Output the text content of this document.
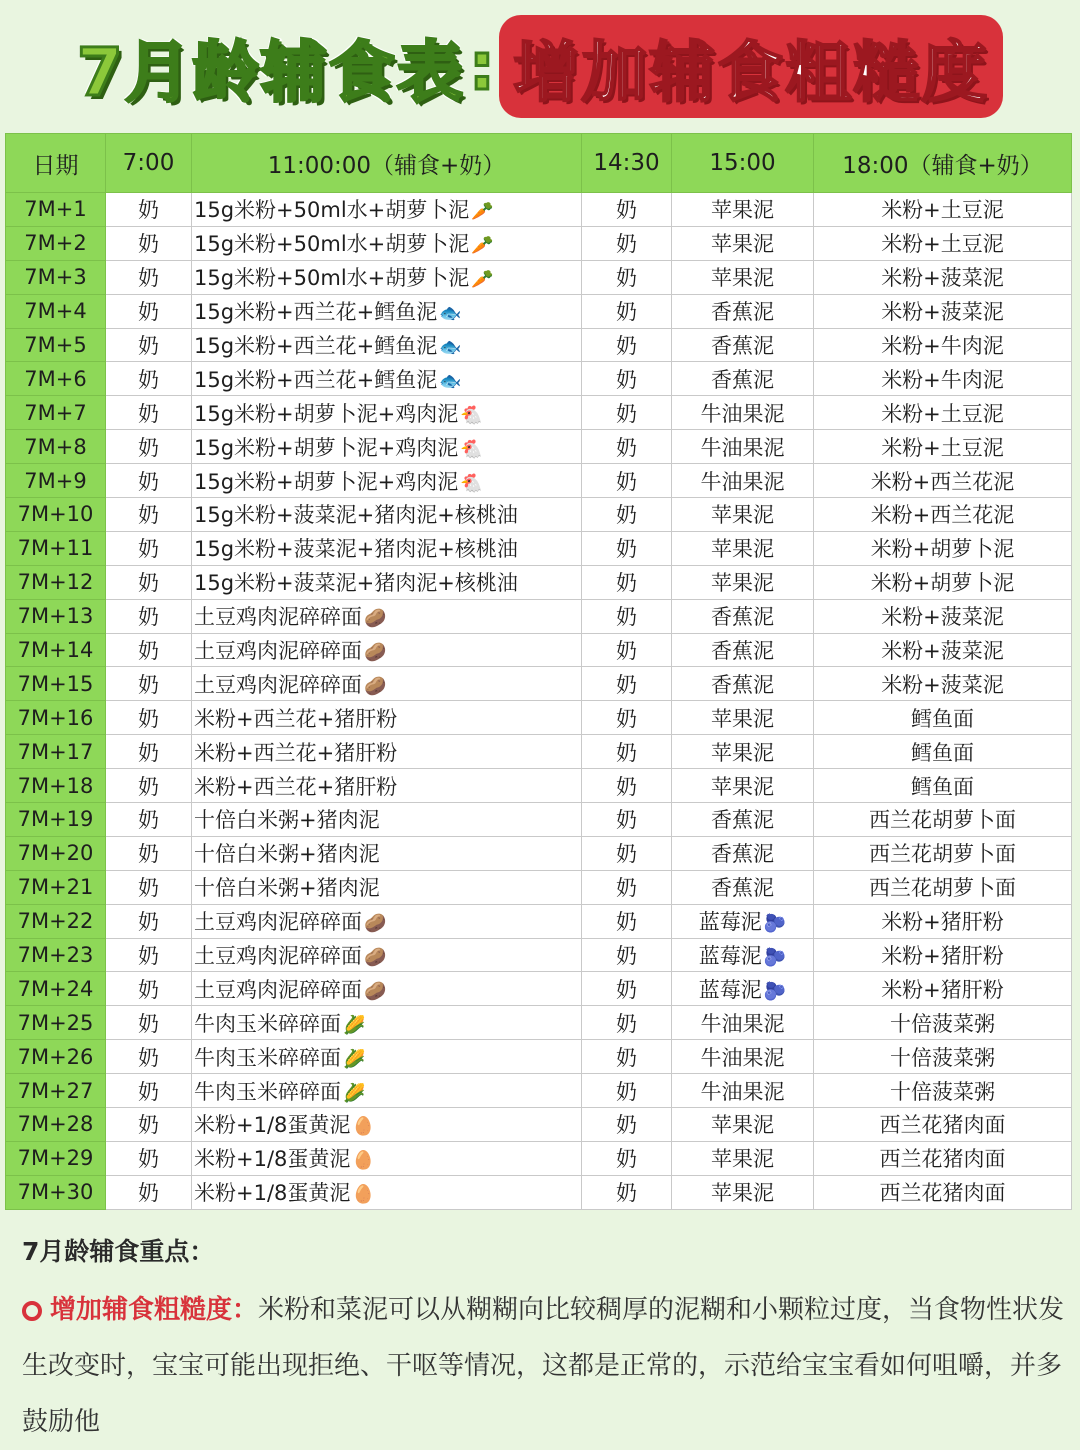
7月龄辅食表 : 增加辅食粗糙度
日期	7:00	11:00:00（辅食+奶）	14:30	15:00	18:00（辅食+奶）
7M+1	奶	15g米粉+50ml水+胡萝卜泥 🥕	奶	苹果泥	米粉+土豆泥
7M+2	奶	15g米粉+50ml水+胡萝卜泥 🥕	奶	苹果泥	米粉+土豆泥
7M+3	奶	15g米粉+50ml水+胡萝卜泥 🥕	奶	苹果泥	米粉+菠菜泥
7M+4	奶	15g米粉+西兰花+鳕鱼泥 🐟	奶	香蕉泥	米粉+菠菜泥
7M+5	奶	15g米粉+西兰花+鳕鱼泥 🐟	奶	香蕉泥	米粉+牛肉泥
7M+6	奶	15g米粉+西兰花+鳕鱼泥 🐟	奶	香蕉泥	米粉+牛肉泥
7M+7	奶	15g米粉+胡萝卜泥+鸡肉泥 🐔	奶	牛油果泥	米粉+土豆泥
7M+8	奶	15g米粉+胡萝卜泥+鸡肉泥 🐔	奶	牛油果泥	米粉+土豆泥
7M+9	奶	15g米粉+胡萝卜泥+鸡肉泥 🐔	奶	牛油果泥	米粉+西兰花泥
7M+10	奶	15g米粉+菠菜泥+猪肉泥+核桃油	奶	苹果泥	米粉+西兰花泥
7M+11	奶	15g米粉+菠菜泥+猪肉泥+核桃油	奶	苹果泥	米粉+胡萝卜泥
7M+12	奶	15g米粉+菠菜泥+猪肉泥+核桃油	奶	苹果泥	米粉+胡萝卜泥
7M+13	奶	土豆鸡肉泥碎碎面 🥔	奶	香蕉泥	米粉+菠菜泥
7M+14	奶	土豆鸡肉泥碎碎面 🥔	奶	香蕉泥	米粉+菠菜泥
7M+15	奶	土豆鸡肉泥碎碎面 🥔	奶	香蕉泥	米粉+菠菜泥
7M+16	奶	米粉+西兰花+猪肝粉	奶	苹果泥	鳕鱼面
7M+17	奶	米粉+西兰花+猪肝粉	奶	苹果泥	鳕鱼面
7M+18	奶	米粉+西兰花+猪肝粉	奶	苹果泥	鳕鱼面
7M+19	奶	十倍白米粥+猪肉泥	奶	香蕉泥	西兰花胡萝卜面
7M+20	奶	十倍白米粥+猪肉泥	奶	香蕉泥	西兰花胡萝卜面
7M+21	奶	十倍白米粥+猪肉泥	奶	香蕉泥	西兰花胡萝卜面
7M+22	奶	土豆鸡肉泥碎碎面 🥔	奶	蓝莓泥 🫐	米粉+猪肝粉
7M+23	奶	土豆鸡肉泥碎碎面 🥔	奶	蓝莓泥 🫐	米粉+猪肝粉
7M+24	奶	土豆鸡肉泥碎碎面 🥔	奶	蓝莓泥 🫐	米粉+猪肝粉
7M+25	奶	牛肉玉米碎碎面 🌽	奶	牛油果泥	十倍菠菜粥
7M+26	奶	牛肉玉米碎碎面 🌽	奶	牛油果泥	十倍菠菜粥
7M+27	奶	牛肉玉米碎碎面 🌽	奶	牛油果泥	十倍菠菜粥
7M+28	奶	米粉+1/8蛋黄泥 🥚	奶	苹果泥	西兰花猪肉面
7M+29	奶	米粉+1/8蛋黄泥 🥚	奶	苹果泥	西兰花猪肉面
7M+30	奶	米粉+1/8蛋黄泥 🥚	奶	苹果泥	西兰花猪肉面
7月龄辅食重点：
增加辅食粗糙度：米粉和菜泥可以从糊糊向比较稠厚的泥糊和小颗粒过度，当食物性状发生改变时，宝宝可能出现拒绝、干呕等情况，这都是正常的，示范给宝宝看如何咀嚼，并多鼓励他
